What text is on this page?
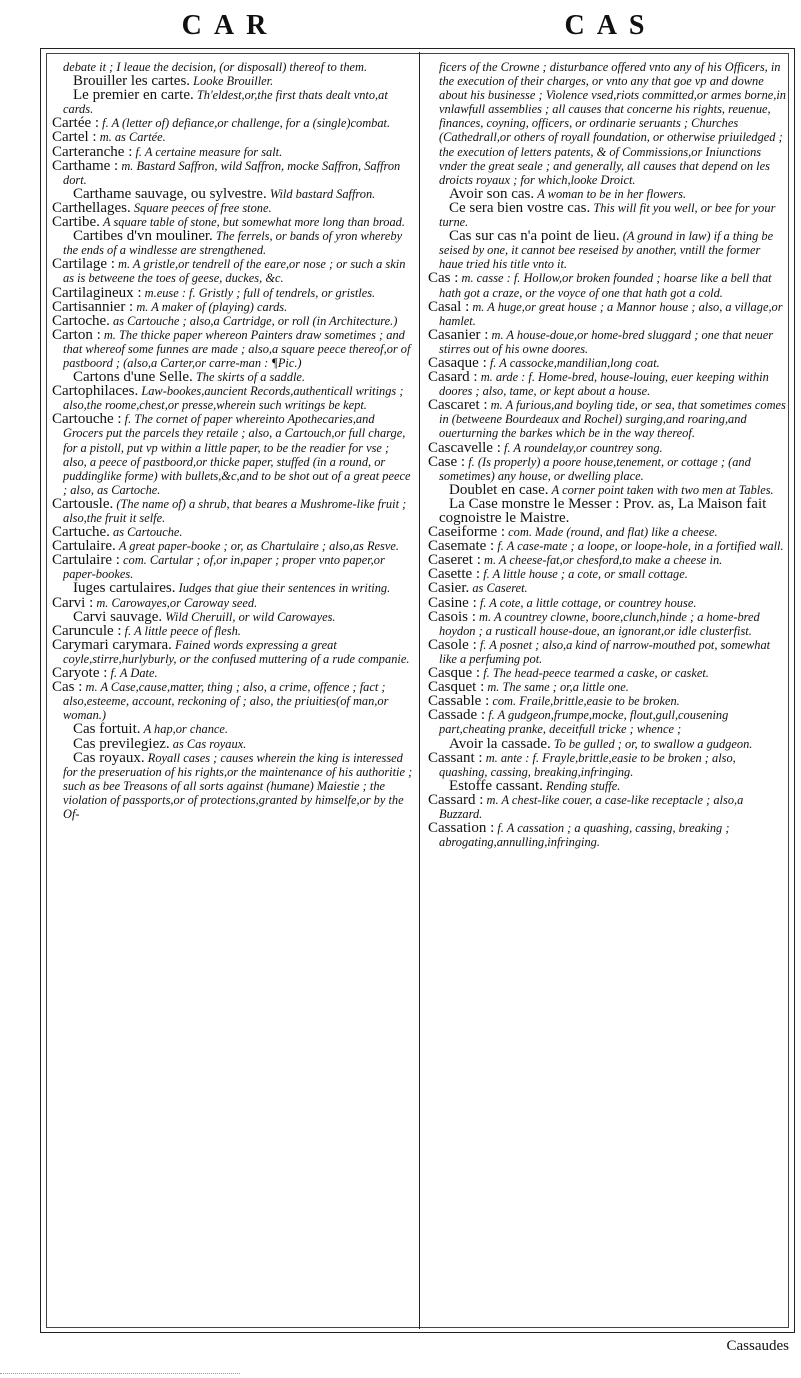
CAR	CAS

debate it ; I leaue the decision, (or disposall) thereof to them.

Brouiller les cartes. Looke Brouiller.

Le premier en carte. Th'eldest,or,the first thats dealt vnto,at cards.

Cartée : f. A (letter of) defiance,or challenge, for a (single)combat.

Cartel : m. as Cartée.

Carteranche : f. A certaine measure for salt.

Carthame : m. Bastard Saffron, wild Saffron, mocke Saffron, Saffron dort.

Carthame sauvage, ou sylvestre. Wild bastard Saffron.

Carthellages. Square peeces of free stone.

Cartibe. A square table of stone, but somewhat more long than broad.

Cartibes d'vn mouliner. The ferrels, or bands of yron whereby the ends of a windlesse are strengthened.

Cartilage : m. A gristle,or tendrell of the eare,or nose ; or such a skin as is betweene the toes of geese, duckes, &c.

Cartilagineux : m.euse : f. Gristly ; full of tendrels, or gristles.

Cartisannier : m. A maker of (playing) cards.

Cartoche. as Cartouche ; also,a Cartridge, or roll (in Architecture.)

Carton : m. The thicke paper whereon Painters draw sometimes ; and that whereof some funnes are made ; also,a square peece thereof,or of pastboord ; (also,a Carter,or carre-man : ¶Pic.)

Cartons d'une Selle. The skirts of a saddle.

Cartophilaces. Law-bookes,auncient Records,authenticall writings ; also,the roome,chest,or presse,wherein such writings be kept.

Cartouche : f. The cornet of paper whereinto Apothecaries,and Grocers put the parcels they retaile ; also, a Cartouch,or full charge, for a pistoll, put vp within a little paper, to be the readier for vse ; also, a peece of pastboord,or thicke paper, stuffed (in a round, or puddinglike forme) with bullets,&c,and to be shot out of a great peece ; also, as Cartoche.

Cartousle. (The name of) a shrub, that beares a Mushrome-like fruit ; also,the fruit it selfe.

Cartuche. as Cartouche.

Cartulaire. A great paper-booke ; or, as Chartulaire ; also,as Resve.

Cartulaire : com. Cartular ; of,or in,paper ; proper vnto paper,or paper-bookes.

Iuges cartulaires. Iudges that giue their sentences in writing.

Carvi : m. Carowayes,or Caroway seed.

Carvi sauvage. Wild Cheruill, or wild Carowayes.

Caruncule : f. A little peece of flesh.

Carymari carymara. Fained words expressing a great coyle,stirre,hurlyburly, or the confused muttering of a rude companie.

Caryote : f. A Date.

Cas : m. A Case,cause,matter, thing ; also, a crime, offence ; fact ; also,esteeme, account, reckoning of ; also, the priuities(of man,or woman.)

Cas fortuit. A hap,or chance.

Cas previlegiez. as Cas royaux.

Cas royaux. Royall cases ; causes wherein the king is interessed for the preseruation of his rights,or the maintenance of his authoritie ; such as bee Treasons of all sorts against (humane) Maiestie ; the violation of passports,or of protections,granted by himselfe,or by the Of-

ficers of the Crowne ; disturbance offered vnto any of his Officers, in the execution of their charges, or vnto any that goe vp and downe about his businesse ; Violence vsed,riots committed,or armes borne,in vnlawfull assemblies ; all causes that concerne his rights, reuenue, finances, coyning, officers, or ordinarie seruants ; Churches (Cathedrall,or others of royall foundation, or otherwise priuiledged ; the execution of letters patents, & of Commissions,or Iniunctions vnder the great seale ; and generally, all causes that depend on les droicts royaux ; for which,looke Droict.

Avoir son cas. A woman to be in her flowers.

Ce sera bien vostre cas. This will fit you well, or bee for your turne.

Cas sur cas n'a point de lieu. (A ground in law) if a thing be seised by one, it cannot bee reseised by another, vntill the former haue tried his title vnto it.

Cas : m. casse : f. Hollow,or broken founded ; hoarse like a bell that hath got a craze, or the voyce of one that hath got a cold.

Casal : m. A huge,or great house ; a Mannor house ; also, a village,or hamlet.

Casanier : m. A house-doue,or home-bred sluggard ; one that neuer stirres out of his owne doores.

Casaque : f. A cassocke,mandilian,long coat.

Casard : m. arde : f. Home-bred, house-louing, euer keeping within doores ; also, tame, or kept about a house.

Cascaret : m. A furious,and boyling tide, or sea, that sometimes comes in (betweene Bourdeaux and Rochel) surging,and roaring,and ouerturning the barkes which be in the way thereof.

Cascavelle : f. A roundelay,or countrey song.

Case : f. (Is properly) a poore house,tenement, or cottage ; (and sometimes) any house, or dwelling place.

Doublet en case. A corner point taken with two men at Tables.

La Case monstre le Messer : Prov. as, La Maison fait cognoistre le Maistre.

Caseiforme : com. Made (round, and flat) like a cheese.

Casemate : f. A case-mate ; a loope, or loope-hole, in a fortified wall.

Caseret : m. A cheese-fat,or chesford,to make a cheese in.

Casette : f. A little house ; a cote, or small cottage.

Casier. as Caseret.

Casine : f. A cote, a little cottage, or countrey house.

Casois : m. A countrey clowne, boore,clunch,hinde ; a home-bred hoydon ; a rusticall house-doue, an ignorant,or idle clusterfist.

Casole : f. A posnet ; also,a kind of narrow-mouthed pot, somewhat like a perfuming pot.

Casque : f. The head-peece tearmed a caske, or casket.

Casquet : m. The same ; or,a little one.

Cassable : com. Fraile,brittle,easie to be broken.

Cassade : f. A gudgeon,frumpe,mocke, flout,gull,cousening part,cheating pranke, deceitfull tricke ; whence ;

Avoir la cassade. To be gulled ; or, to swallow a gudgeon.

Cassant : m. ante : f. Frayle,brittle,easie to be broken ; also, quashing, cassing, breaking,infringing.

Estoffe cassant. Rending stuffe.

Cassard : m. A chest-like couer, a case-like receptacle ; also,a Buzzard.

Cassation : f. A cassation ; a quashing, cassing, breaking ; abrogating,annulling,infringing.

Cassaudes
